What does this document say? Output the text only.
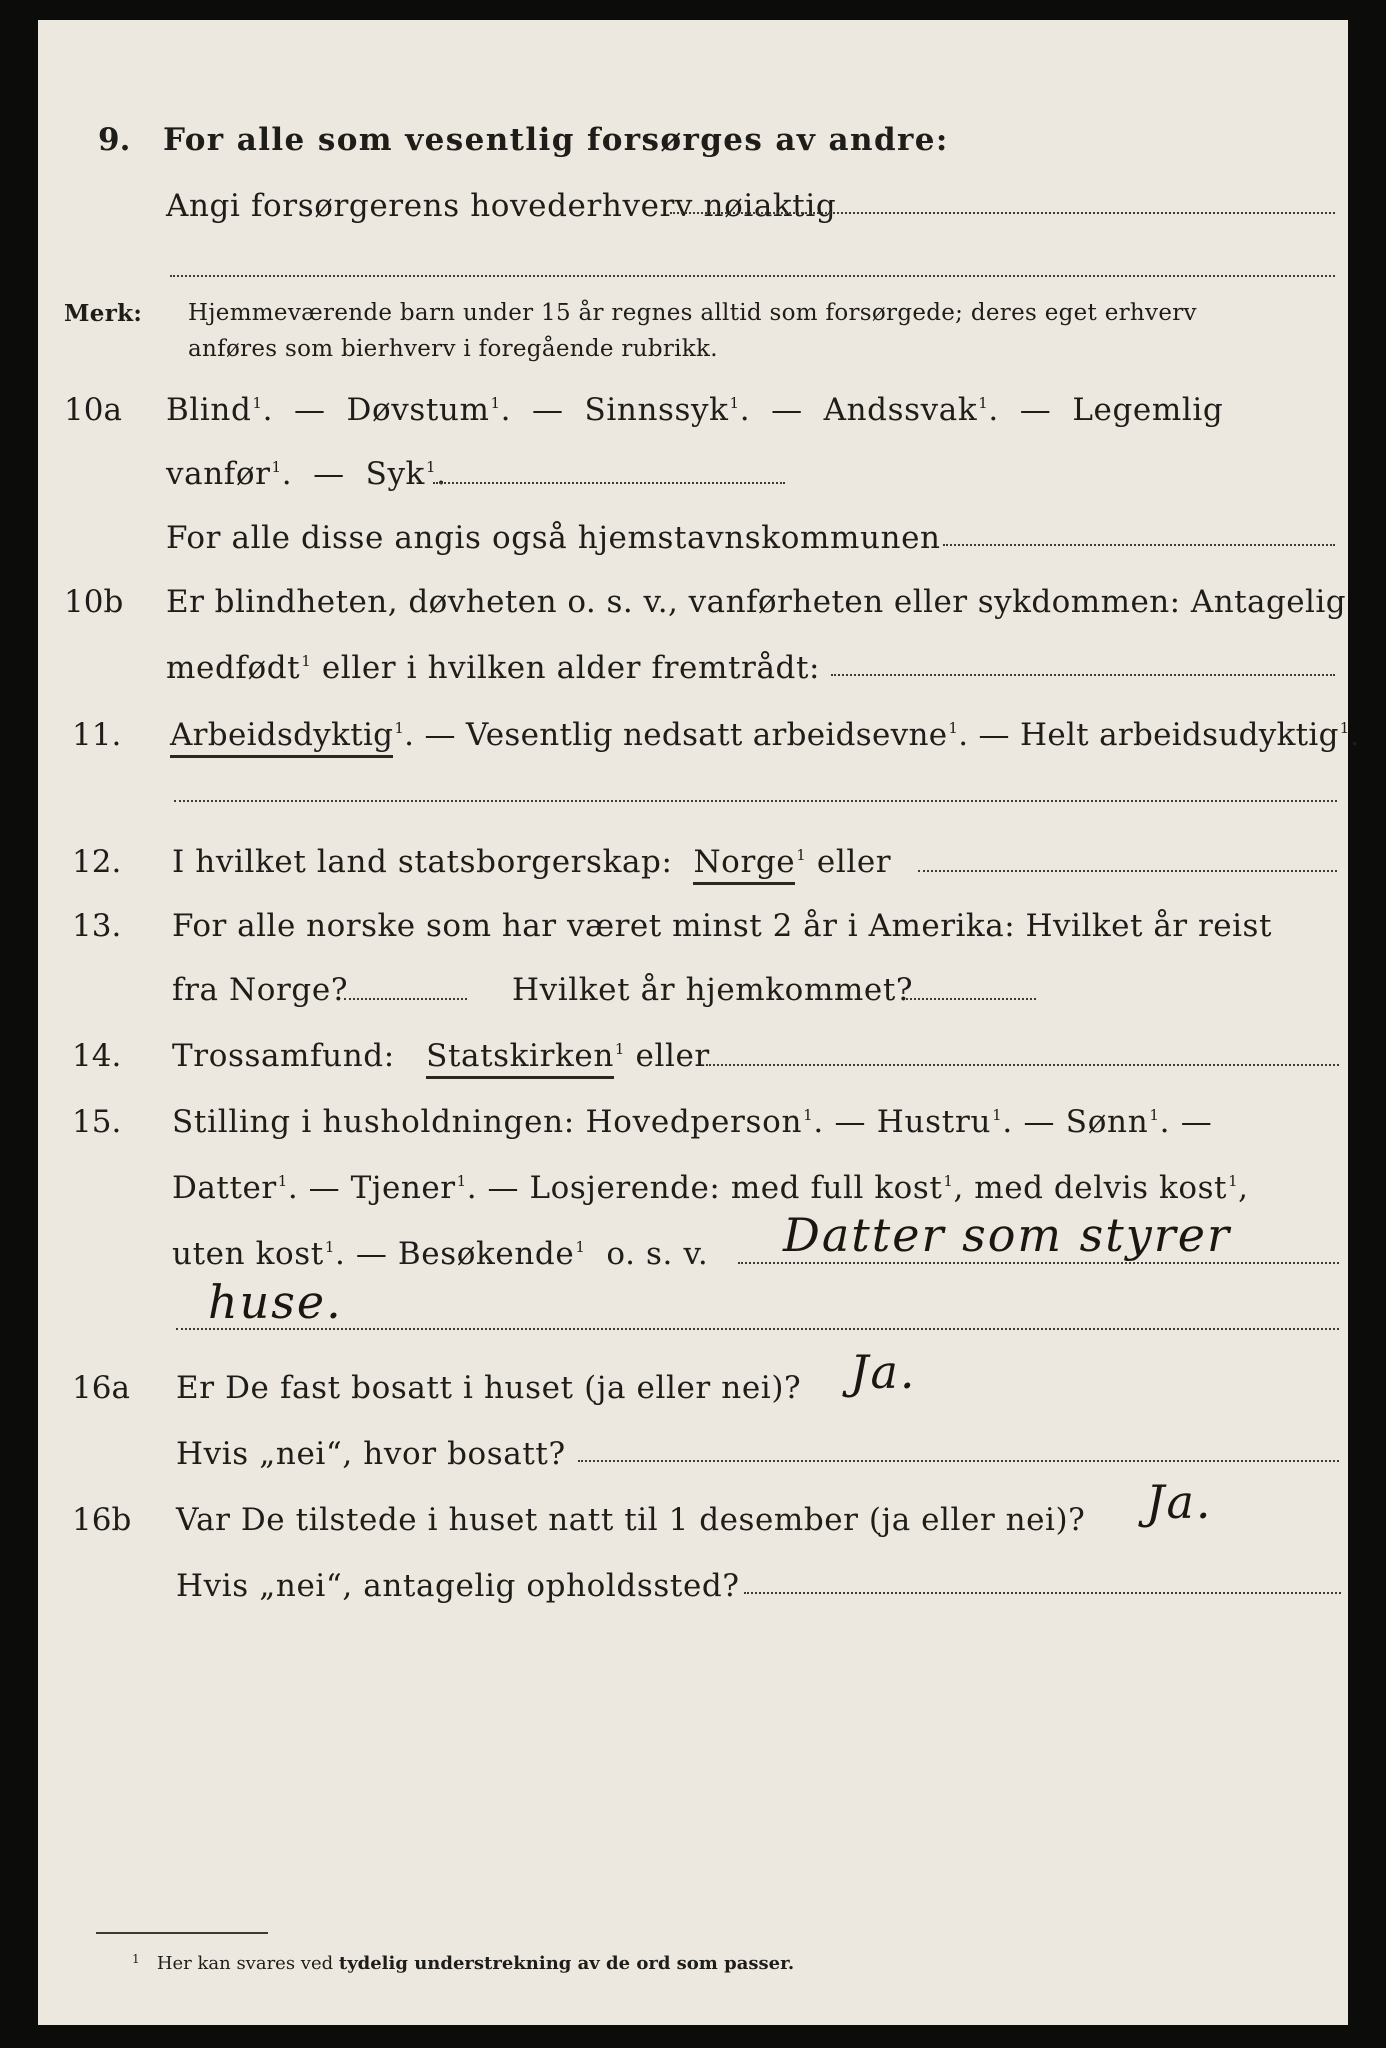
9. For alle som vesentlig forsørges av andre:
Angi forsørgerens hovederhverv nøiaktig
Merk: Hjemmeværende barn under 15 år regnes alltid som forsørgede; deres eget erhverv
anføres som bierhverv i foregående rubrikk.
10a Blind$^1$. — Døvstum$^1$. — Sinnssyk$^1$. — Andssvak$^1$. — Legemlig
vanfør$^1$. — Syk$^1$.
For alle disse angis også hjemstavnskommunen
10b Er blindheten, døvheten o. s. v., vanførheten eller sykdommen: Antagelig
medfødt$^1$ eller i hvilken alder fremtrådt:
11. Arbeidsdyktig$^1$. — Vesentlig nedsatt arbeidsevne$^1$. — Helt arbeidsudyktig$^1$.
12. I hvilket land statsborgerskap: Norge$^1$ eller
13. For alle norske som har været minst 2 år i Amerika: Hvilket år reist
fra Norge?	Hvilket år hjemkommet?
14. Trossamfund: Statskirken$^1$ eller
15. Stilling i husholdningen: Hovedperson$^1$. — Hustru$^1$. — Sønn$^1$. —
Datter$^1$. — Tjener$^1$. — Losjerende: med full kost$^1$, med delvis kost$^1$,
uten kost$^1$. — Besøkende$^1$ o. s. v. Datter som styrer
huse.
16a Er De fast bosatt i huset (ja eller nei)? Ja.
Hvis „nei“, hvor bosatt?
16b Var De tilstede i huset natt til 1 desember (ja eller nei)? Ja.
Hvis „nei“, antagelig opholdssted?
$^1$ Her kan svares ved tydelig understrekning av de ord som passer.
